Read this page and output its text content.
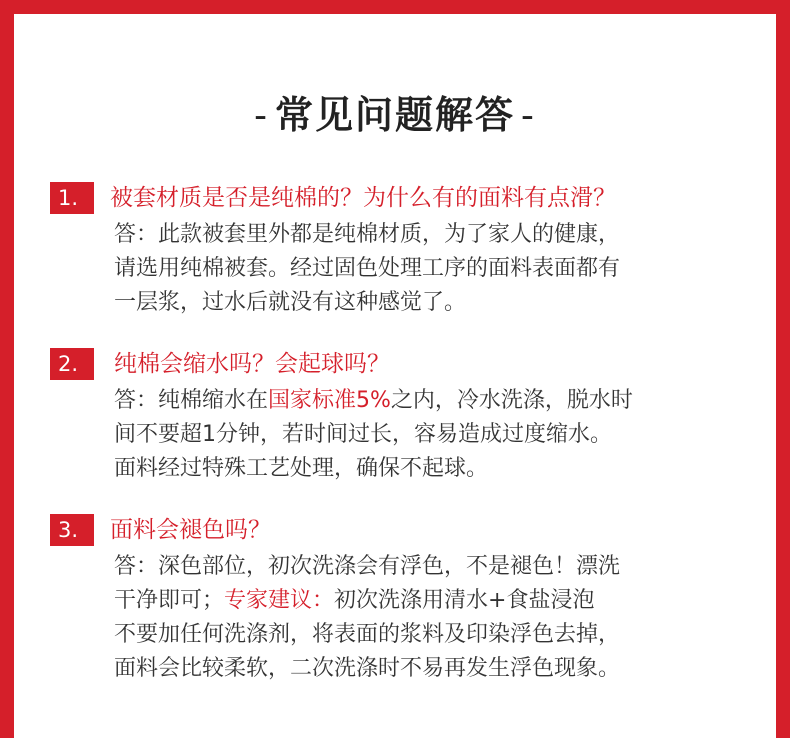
- 常见问题解答 -
1.	被套材质是否是纯棉的？为什么有的面料有点滑？
答：此款被套里外都是纯棉材质，为了家人的健康，
请选用纯棉被套。经过固色处理工序的面料表面都有
一层浆，过水后就没有这种感觉了。
2.	纯棉会缩水吗？会起球吗？
答：纯棉缩水在国家标准5%之内，冷水洗涤，脱水时
间不要超1分钟，若时间过长，容易造成过度缩水。
面料经过特殊工艺处理，确保不起球。
3.	面料会褪色吗？
答：深色部位，初次洗涤会有浮色，不是褪色！漂洗
干净即可；专家建议：初次洗涤用清水+食盐浸泡
不要加任何洗涤剂，将表面的浆料及印染浮色去掉，
面料会比较柔软，二次洗涤时不易再发生浮色现象。
